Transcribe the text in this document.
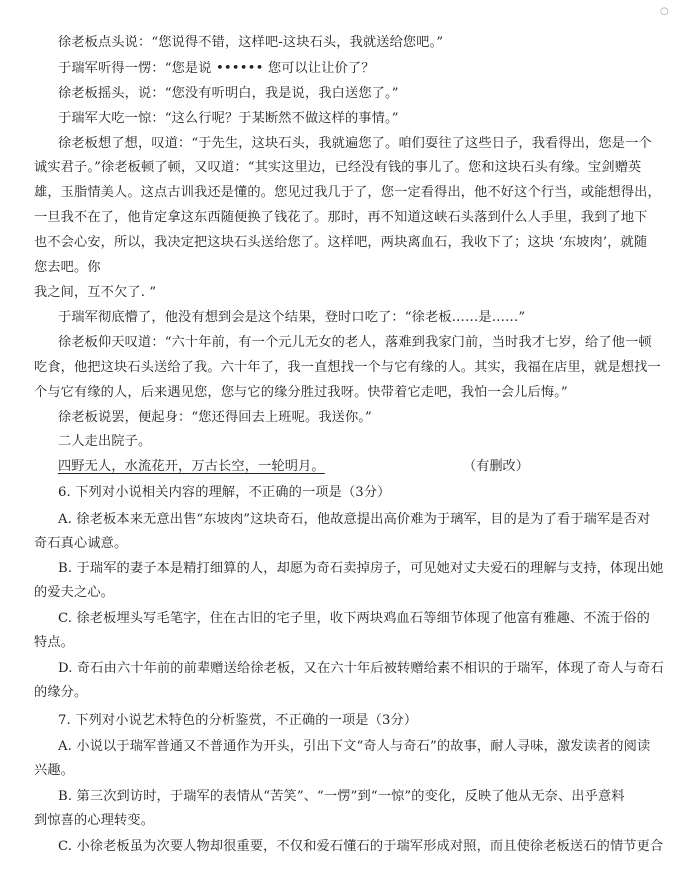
○
徐老板点头说：“您说得不错，这样吧-这块石头，我就送给您吧。”
于瑞军听得一愣：“您是说 •••••• 您可以让让价了？
徐老板摇头，说：“您没有听明白，我是说，我白送您了。”
于瑞军大吃一惊：“这么行呢？于某断然不做这样的事情。”
徐老板想了想，叹道：“于先生，这块石头，我就遍您了。咱们耍往了这些日子，我看得出，您是一个
诚实君子。”徐老板顿了顿，又叹道：“其实这里边，已经没有钱的事儿了。您和这块石头有缘。宝剑赠英
雄，玉脂情美人。这点古训我还是懂的。您见过我几于了，您一定看得出，他不好这个行当，或能想得出，
一旦我不在了，他肯定拿这东西随便换了钱花了。那时，再不知道这峡石头落到什么人手里，我到了地下
也不会心安，所以，我决定把这块石头送给您了。这样吧，两块离血石，我收下了；这块 ‘东坡肉’，就随
您去吧。你
我之间，互不欠了. ”
于瑞军彻底懵了，他没有想到会是这个结果，登时口吃了：“徐老板……是……”
徐老板仰天叹道：“六十年前，有一个元儿无女的老人，落难到我家门前，当时我才七岁，给了他一顿
吃食，他把这块石头送给了我。六十年了，我一直想找一个与它有缘的人。其实，我福在店里，就是想找一
个与它有缘的人，后来遇见您，您与它的缘分胜过我呀。快带着它走吧，我怕一会儿后悔。”
徐老板说罢，便起身：“您还得回去上班呢。我送你。”
二人走出院子。
四野无人，水流花开，万古长空，一轮明月。	（有删改）
6. 下列对小说相关内容的理解，不正确的一项是（3分）
A. 徐老板本来无意出售“东坡肉”这块奇石，他故意提出高价难为于璃军，目的是为了看于瑞军是否对
奇石真心诚意。
B. 于瑞军的妻子本是精打细算的人，却愿为奇石卖掉房子，可见她对丈夫爱石的理解与支持，体现出她
的爱夫之心。
C. 徐老板埋头写毛笔字，住在古旧的宅子里，收下两块鸡血石等细节体现了他富有雅趣、不流于俗的
特点。
D. 奇石由六十年前的前辈赠送给徐老板，又在六十年后被转赠给素不相识的于瑞军，体现了奇人与奇石
的缘分。
7. 下列对小说艺术特色的分析鉴赏，不正确的一项是（3分）
A. 小说以于瑞军普通又不普通作为开头，引出下文“奇人与奇石”的故事，耐人寻味，激发读者的阅读
兴趣。
B. 第三次到访时，于瑞军的表情从“苦笑”、“一愣”到“一惊”的变化，反映了他从无奈、出乎意料
到惊喜的心理转变。
C. 小徐老板虽为次要人物却很重要，不仅和爱石懂石的于瑞军形成对照，而且使徐老板送石的情节更合
